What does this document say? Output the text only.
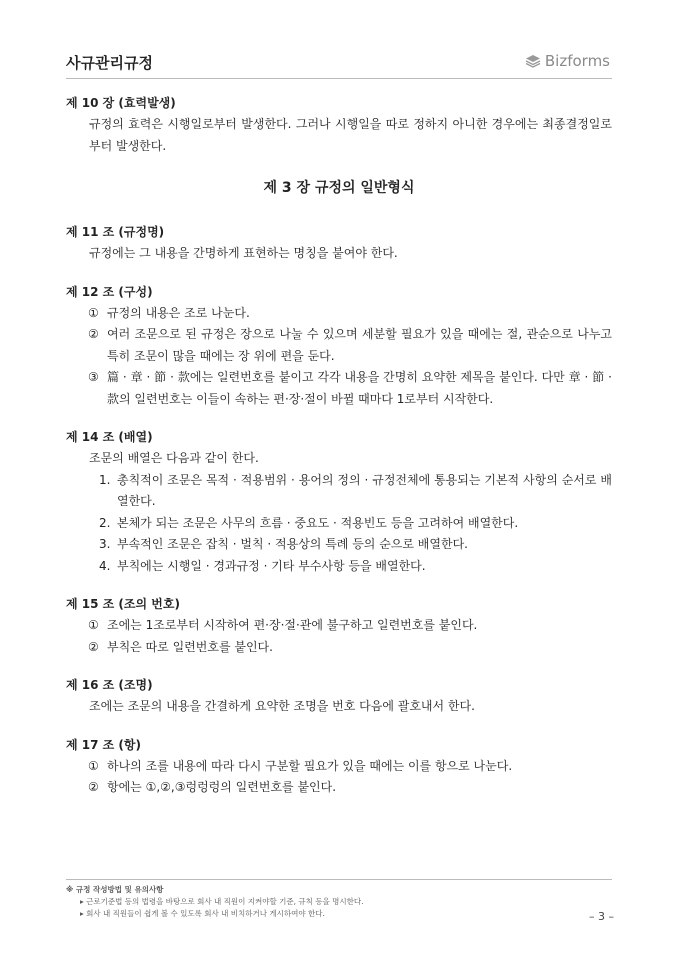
사규관리규정	Bizforms
제 10 장 (효력발생)
규정의 효력은 시행일로부터 발생한다. 그러나 시행일을 따로 정하지 아니한 경우에는 최종결정일로부터 발생한다.
제 3 장 규정의 일반형식
제 11 조 (규정명)
규정에는 그 내용을 간명하게 표현하는 명칭을 붙여야 한다.
제 12 조 (구성)
① 규정의 내용은 조로 나눈다.
② 여러 조문으로 된 규정은 장으로 나눌 수 있으며 세분할 필요가 있을 때에는 절, 관순으로 나누고 특히 조문이 많을 때에는 장 위에 편을 둔다.
③ 篇 · 章 · 節 · 款에는 일련번호를 붙이고 각각 내용을 간명히 요약한 제목을 붙인다. 다만 章 · 節 · 款의 일련번호는 이들이 속하는 편·장·절이 바뀔 때마다 1로부터 시작한다.
제 14 조 (배열)
조문의 배열은 다음과 같이 한다.
1. 총칙적이 조문은 목적 · 적용범위 · 용어의 정의 · 규정전체에 통용되는 기본적 사항의 순서로 배열한다.
2. 본체가 되는 조문은 사무의 흐름 · 중요도 · 적용빈도 등을 고려하여 배열한다.
3. 부속적인 조문은 잡칙 · 벌칙 · 적용상의 특례 등의 순으로 배열한다.
4. 부칙에는 시행일 · 경과규정 · 기타 부수사항 등을 배열한다.
제 15 조 (조의 번호)
① 조에는 1조로부터 시작하여 편·장·절·관에 불구하고 일련번호를 붙인다.
② 부칙은 따로 일련번호를 붙인다.
제 16 조 (조명)
조에는 조문의 내용을 간결하게 요약한 조명을 번호 다음에 괄호내서 한다.
제 17 조 (항)
① 하나의 조를 내용에 따라 다시 구분할 필요가 있을 때에는 이를 항으로 나눈다.
② 항에는 ①,②,③렁렁렁의 일련번호를 붙인다.
※ 규정 작성방법 및 유의사항
▸ 근로기준법 등의 법령을 바탕으로 회사 내 직원이 지켜야할 기준, 규칙 등을 명시한다.
▸ 회사 내 직원들이 쉽게 볼 수 있도록 회사 내 비치하거나 게시하여야 한다.	– 3 –
